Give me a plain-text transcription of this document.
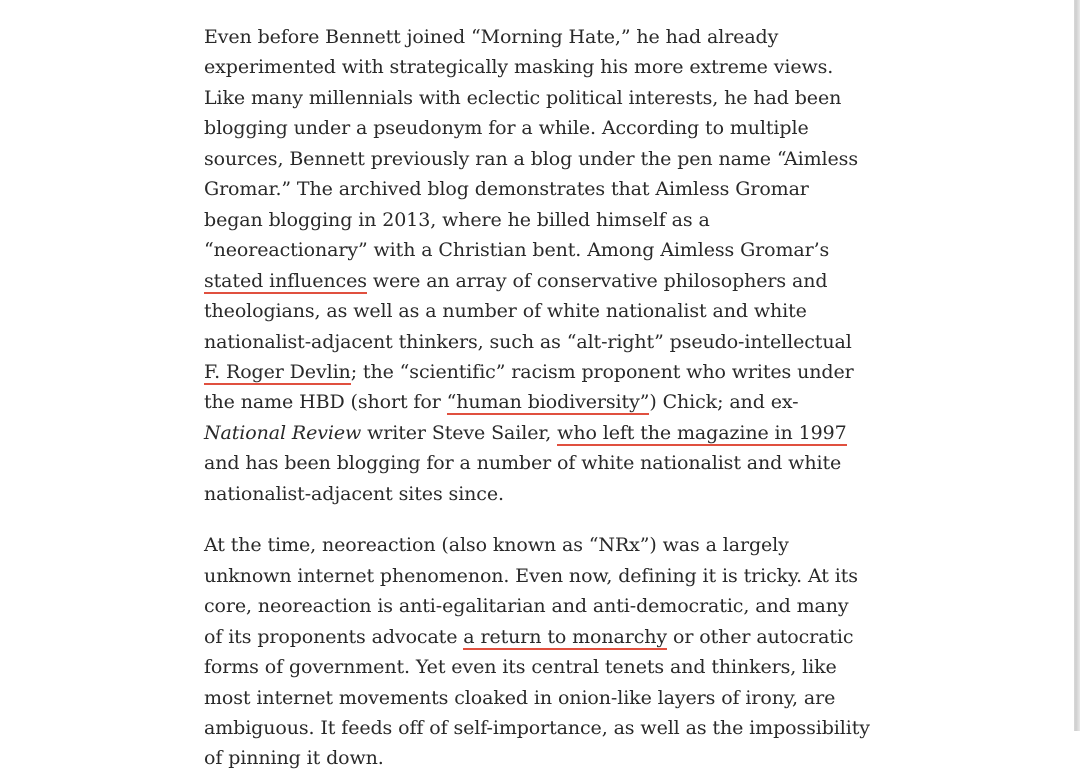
Even before Bennett joined “Morning Hate,” he had already experimented with strategically masking his more extreme views. Like many millennials with eclectic political interests, he had been blogging under a pseudonym for a while. According to multiple sources, Bennett previously ran a blog under the pen name “Aimless Gromar.” The archived blog demonstrates that Aimless Gromar began blogging in 2013, where he billed himself as a “neoreactionary” with a Christian bent. Among Aimless Gromar’s stated influences were an array of conservative philosophers and theologians, as well as a number of white nationalist and white nationalist-adjacent thinkers, such as “alt-right” pseudo-intellectual F. Roger Devlin; the “scientific” racism proponent who writes under the name HBD (short for “human biodiversity”) Chick; and ex-National Review writer Steve Sailer, who left the magazine in 1997 and has been blogging for a number of white nationalist and white nationalist-adjacent sites since.

At the time, neoreaction (also known as “NRx”) was a largely unknown internet phenomenon. Even now, defining it is tricky. At its core, neoreaction is anti-egalitarian and anti-democratic, and many of its proponents advocate a return to monarchy or other autocratic forms of government. Yet even its central tenets and thinkers, like most internet movements cloaked in onion-like layers of irony, are ambiguous. It feeds off of self-importance, as well as the impossibility of pinning it down.
